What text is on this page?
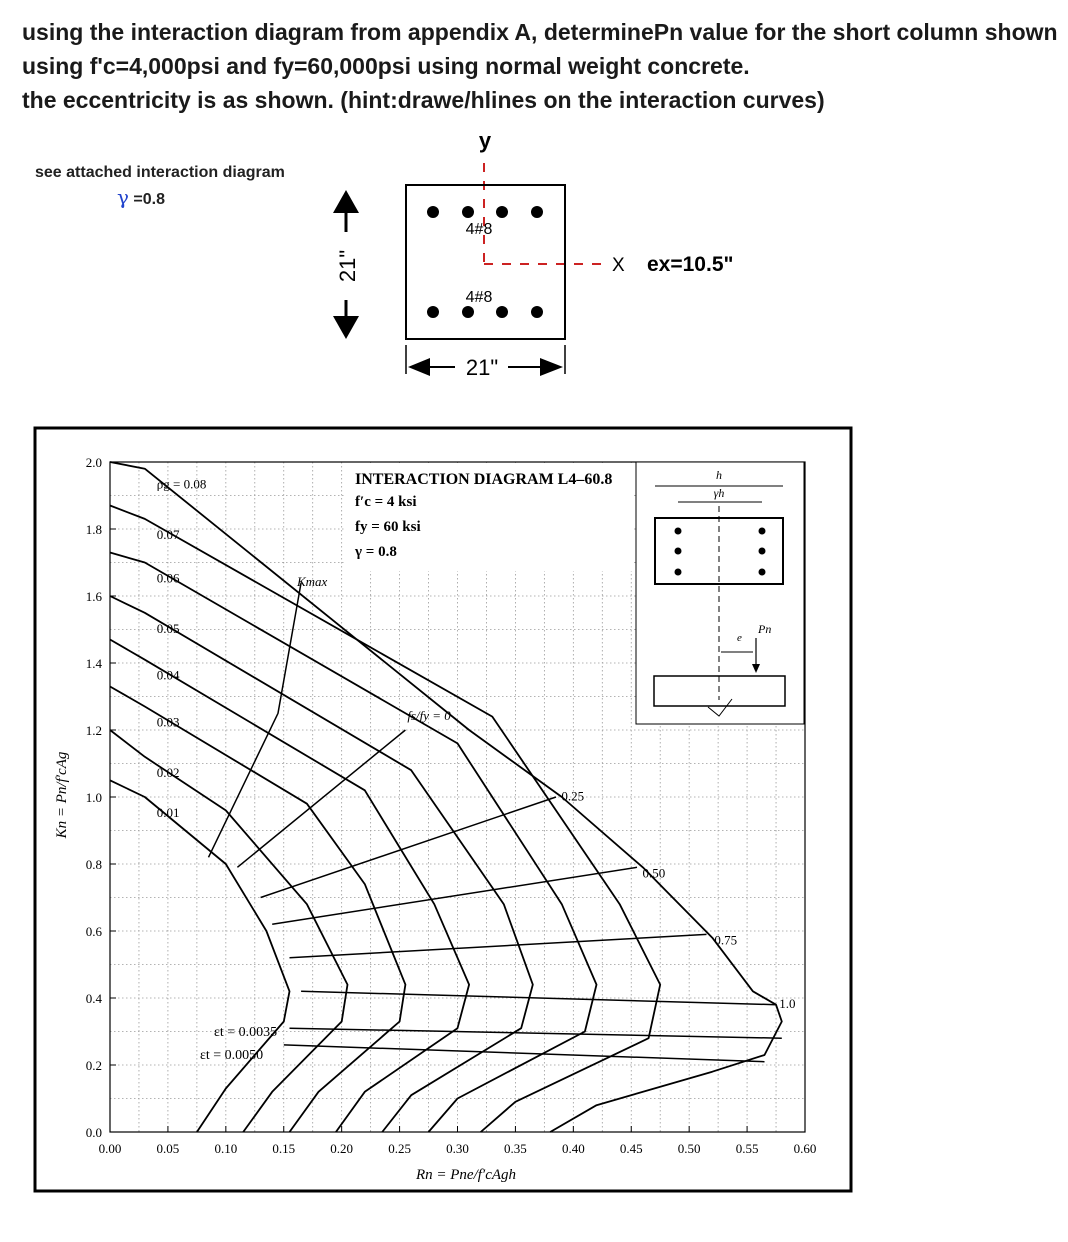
using the interaction diagram from appendix A, determinePn value for the short column shown
using f'c=4,000psi and fy=60,000psi using normal weight concrete.
the eccentricity is as shown. (hint:drawe/hlines on the interaction curves)
see attached interaction diagram
γ =0.8
y
4#8
4#8
X ex=10.5"
21"
21"
0.00	0.05	0.10	0.15	0.20	0.25	0.30	0.35	0.40	0.45	0.50	0.55	0.60
0.0
0.2
0.4
0.6
0.8
1.0
1.2
1.4
1.6
1.8
2.0
0.01
0.02
0.03
0.04
0.05
0.06
0.07
ρg = 0.08
fs/fy = 0
0.25
0.50
0.75
1.0
INTERACTION DIAGRAM L4–60.8
f′c = 4 ksi
fy = 60 ksi
γ = 0.8
h
γh
e
Pn
Kn = Pn/f′cAg
Rn = Pne/f′cAgh
Kmax
εt = 0.0035
εt = 0.0050
